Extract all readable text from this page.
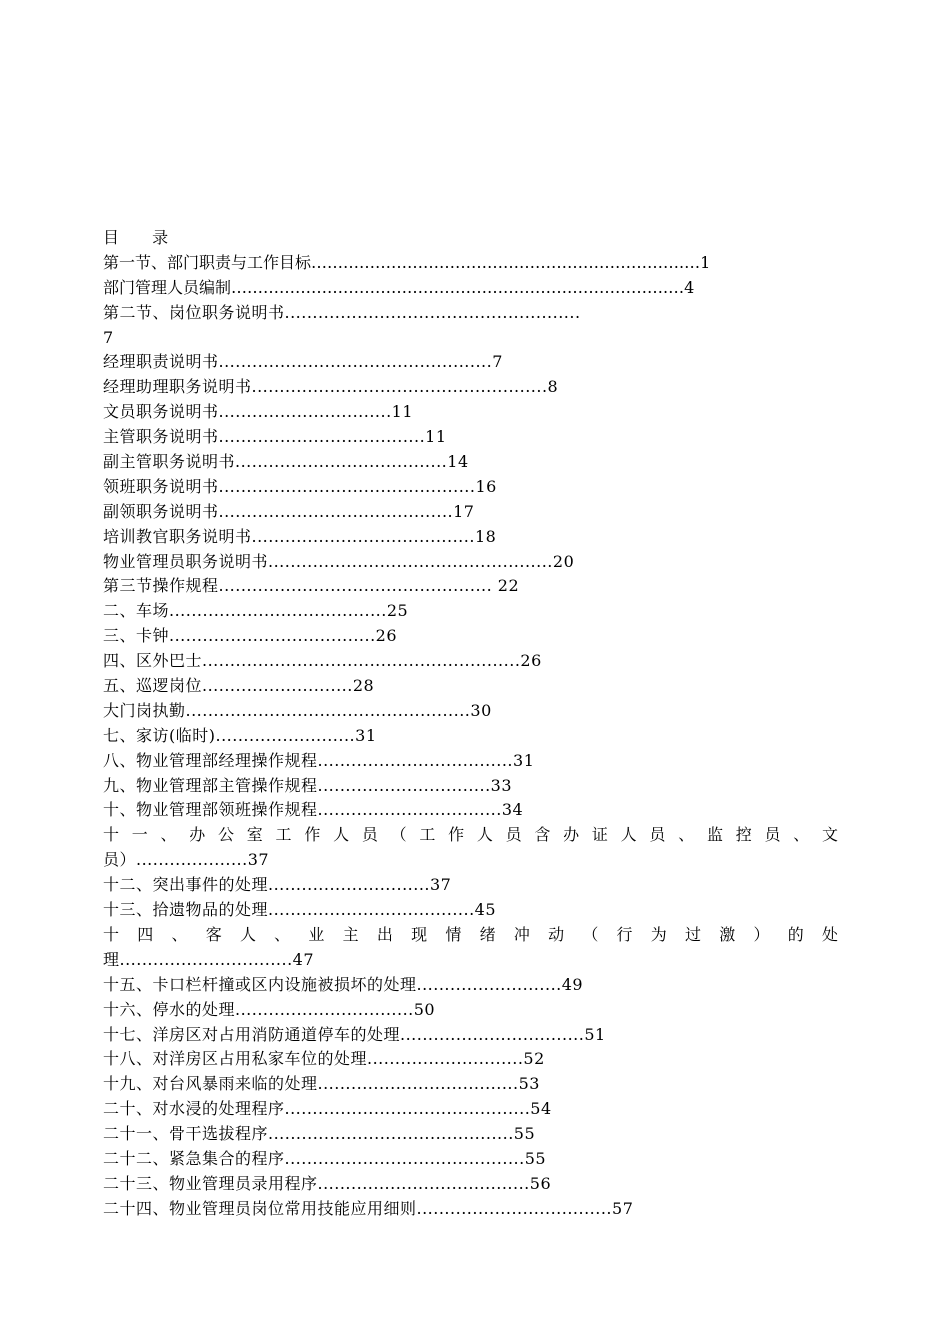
目 录
第一节、部门职责与工作目标…………………………………………………………….…1
部门管理人员编制……………………………………………………………………….…4
第二节、岗位职务说明书.....................................................
7
经理职责说明书.................................................7
经理助理职务说明书.....................................................8
文员职务说明书...............................11
主管职务说明书.....................................11
副主管职务说明书......................................14
领班职务说明书..............................................16
副领职务说明书..........................................17
培训教官职务说明书........................................18
物业管理员职务说明书...................................................20
第三节操作规程................................................. 22
二、车场.......................................25
三、卡钟.....................................26
四、区外巴士.........................................................26
五、巡逻岗位...........................28
大门岗执勤...................................................30
七、家访(临时).........................31
八、物业管理部经理操作规程...................................31
九、物业管理部主管操作规程...............................33
十、物业管理部领班操作规程.................................34
十一、办公室工作人员（工作人员含办证人员、监控员、文
员）....................37
十二、突出事件的处理.............................37
十三、拾遗物品的处理.....................................45
十四、客人、业主出现情绪冲动（行为过激）的处
理...............................47
十五、卡口栏杆撞或区内设施被损坏的处理..........................49
十六、停水的处理................................50
十七、洋房区对占用消防通道停车的处理.................................51
十八、对洋房区占用私家车位的处理............................52
十九、对台风暴雨来临的处理....................................53
二十、对水浸的处理程序............................................54
二十一、骨干选拔程序............................................55
二十二、紧急集合的程序...........................................55
二十三、物业管理员录用程序......................................56
二十四、物业管理员岗位常用技能应用细则...................................57
